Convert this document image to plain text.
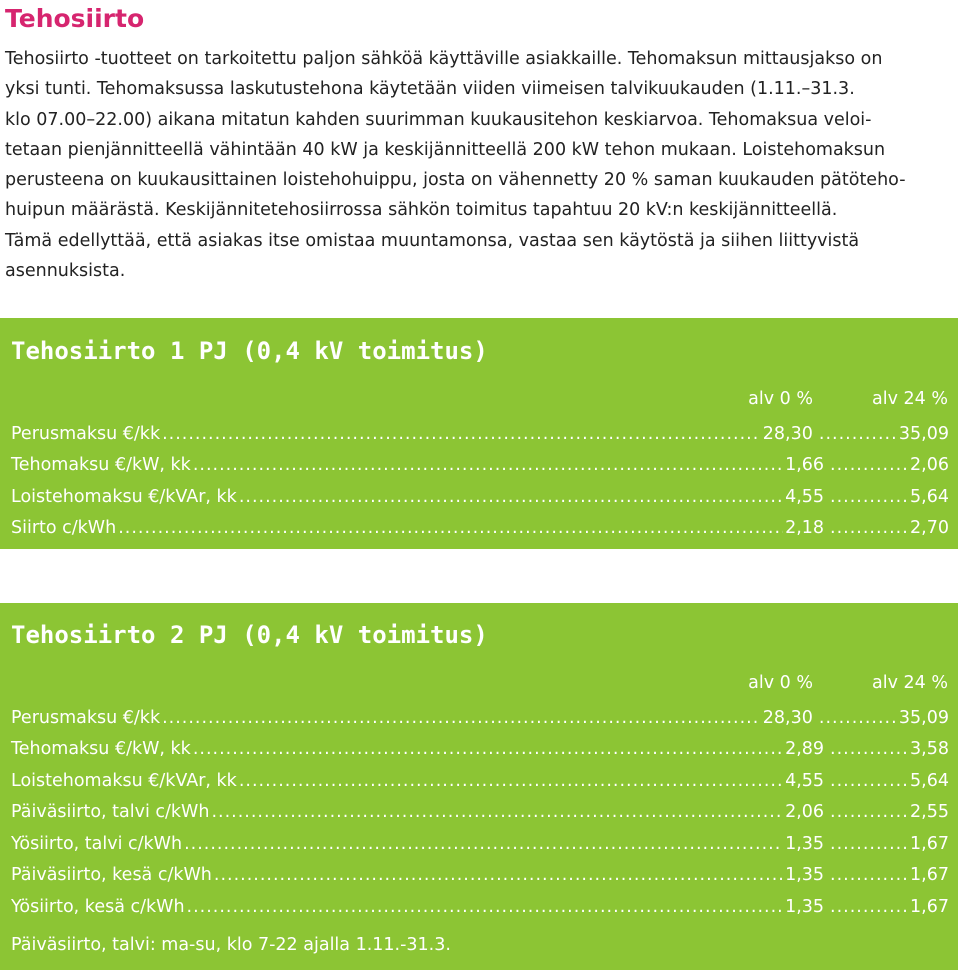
Tehosiirto
Tehosiirto -tuotteet on tarkoitettu paljon sähköä käyttäville asiakkaille. Tehomaksun mittausjakso on
yksi tunti. Tehomaksussa laskutustehona käytetään viiden viimeisen talvikuukauden (1.11.–31.3.
klo 07.00–22.00) aikana mitatun kahden suurimman kuukausitehon keskiarvoa. Tehomaksua veloi-
tetaan pienjännitteellä vähintään 40 kW ja keskijännitteellä 200 kW tehon mukaan. Loistehomaksun
perusteena on kuukausittainen loistehohuippu, josta on vähennetty 20 % saman kuukauden pätöteho-
huipun määrästä. Keskijännitetehosiirrossa sähkön toimitus tapahtuu 20 kV:n keskijännitteellä.
Tämä edellyttää, että asiakas itse omistaa muuntamonsa, vastaa sen käytöstä ja siihen liittyvistä
asennuksista.
Tehosiirto 1 PJ (0,4 kV toimitus)
alv 0 %	alv 24 %
Perusmaksu €/kk .....	28,30 .....	35,09
Tehomaksu €/kW, kk .....	1,66 .....	2,06
Loistehomaksu €/kVAr, kk .....	4,55 .....	5,64
Siirto c/kWh .....	2,18 .....	2,70
Tehosiirto 2 PJ (0,4 kV toimitus)
alv 0 %	alv 24 %
Perusmaksu €/kk .....	28,30 .....	35,09
Tehomaksu €/kW, kk .....	2,89 .....	3,58
Loistehomaksu €/kVAr, kk .....	4,55 .....	5,64
Päiväsiirto, talvi c/kWh .....	2,06 .....	2,55
Yösiirto, talvi c/kWh .....	1,35 .....	1,67
Päiväsiirto, kesä c/kWh .....	1,35 .....	1,67
Yösiirto, kesä c/kWh .....	1,35 .....	1,67
Päiväsiirto, talvi: ma-su, klo 7-22 ajalla 1.11.-31.3.
